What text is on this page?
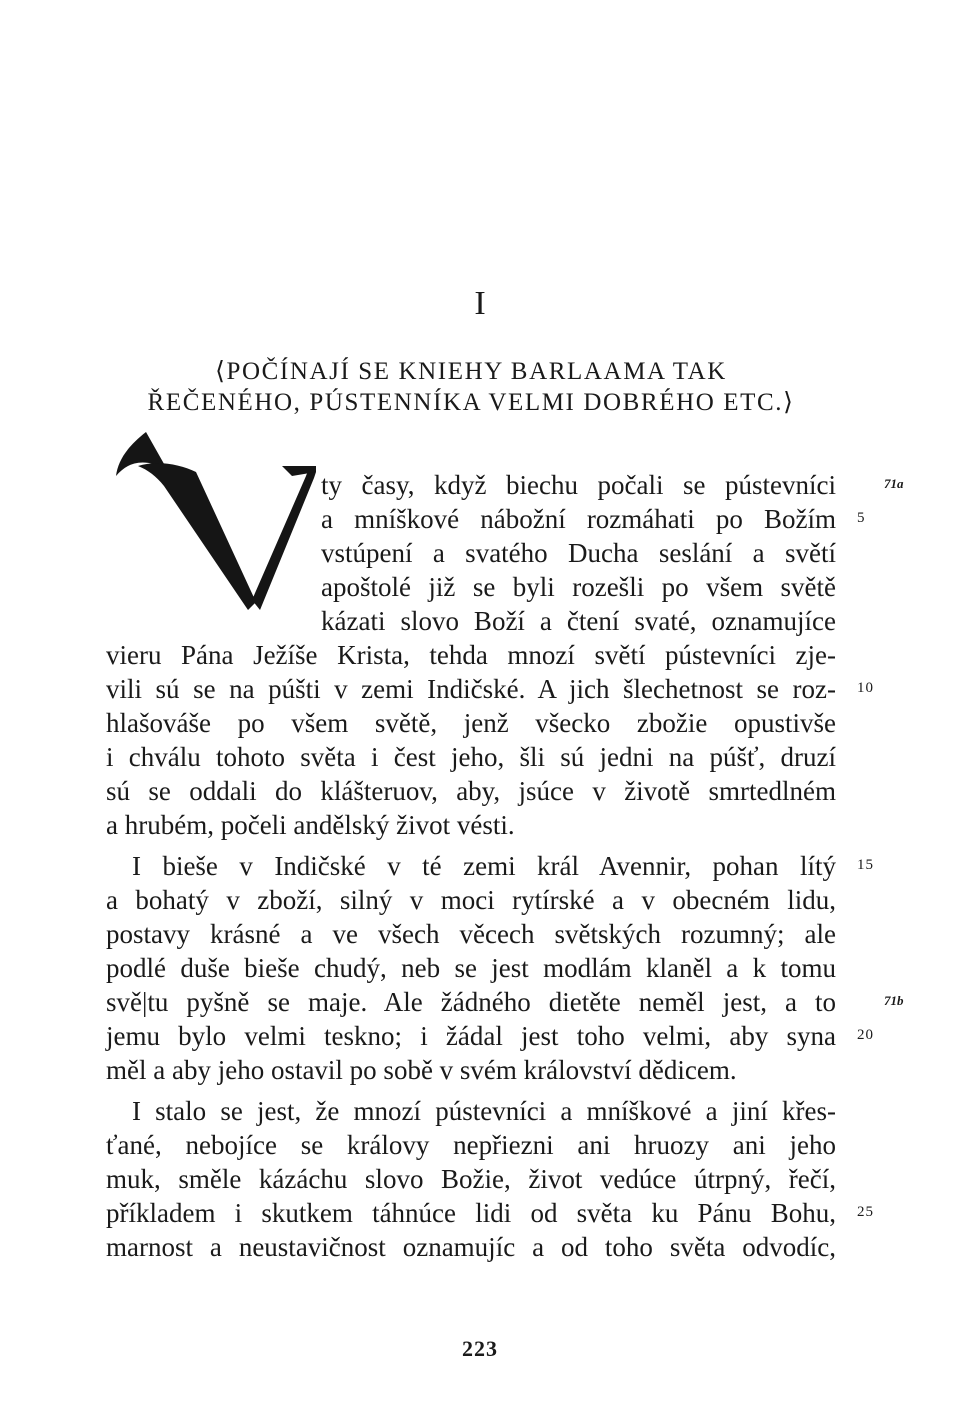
I
⟨POČÍNAJÍ SE KNIEHY BARLAAMA TAK
ŘEČENÉHO, PÚSTENNÍKA VELMI DOBRÉHO ETC.⟩
ty časy, když biechu počali se pústevníci
a mníškové nábožní rozmáhati po Božím
vstúpení a svatého Ducha seslání a světí
apoštolé již se byli rozešli po všem světě
kázati slovo Boží a čtení svaté, oznamujíce
vieru Pána Ježíše Krista, tehda mnozí světí pústevníci zje-
vili sú se na púšti v zemi Indičské. A jich šlechetnost se roz-
hlašováše po všem světě, jenž všecko zbožie opustivše
i chválu tohoto světa i čest jeho, šli sú jedni na púšť, druzí
sú se oddali do klášteruov, aby, jsúce v životě smrtedlném
a hrubém, počeli andělský život vésti.
I bieše v Indičské v té zemi král Avennir, pohan lítý
a bohatý v zboží, silný v moci rytírské a v obecném lidu,
postavy krásné a ve všech věcech světských rozumný; ale
podlé duše bieše chudý, neb se jest modlám klaněl a k tomu
svě|tu pyšně se maje. Ale žádného dietěte neměl jest, a to
jemu bylo velmi teskno; i žádal jest toho velmi, aby syna
měl a aby jeho ostavil po sobě v svém království dědicem.
I stalo se jest, že mnozí pústevníci a mníškové a jiní křes-
ťané, nebojíce se královy nepřiezni ani hruozy ani jeho
muk, směle kázáchu slovo Božie, život vedúce útrpný, řečí,
příkladem i skutkem táhnúce lidi od světa ku Pánu Bohu,
marnost a neustavičnost oznamujíc a od toho světa odvodíc,
71a
5
10
15
71b
20
25
223
